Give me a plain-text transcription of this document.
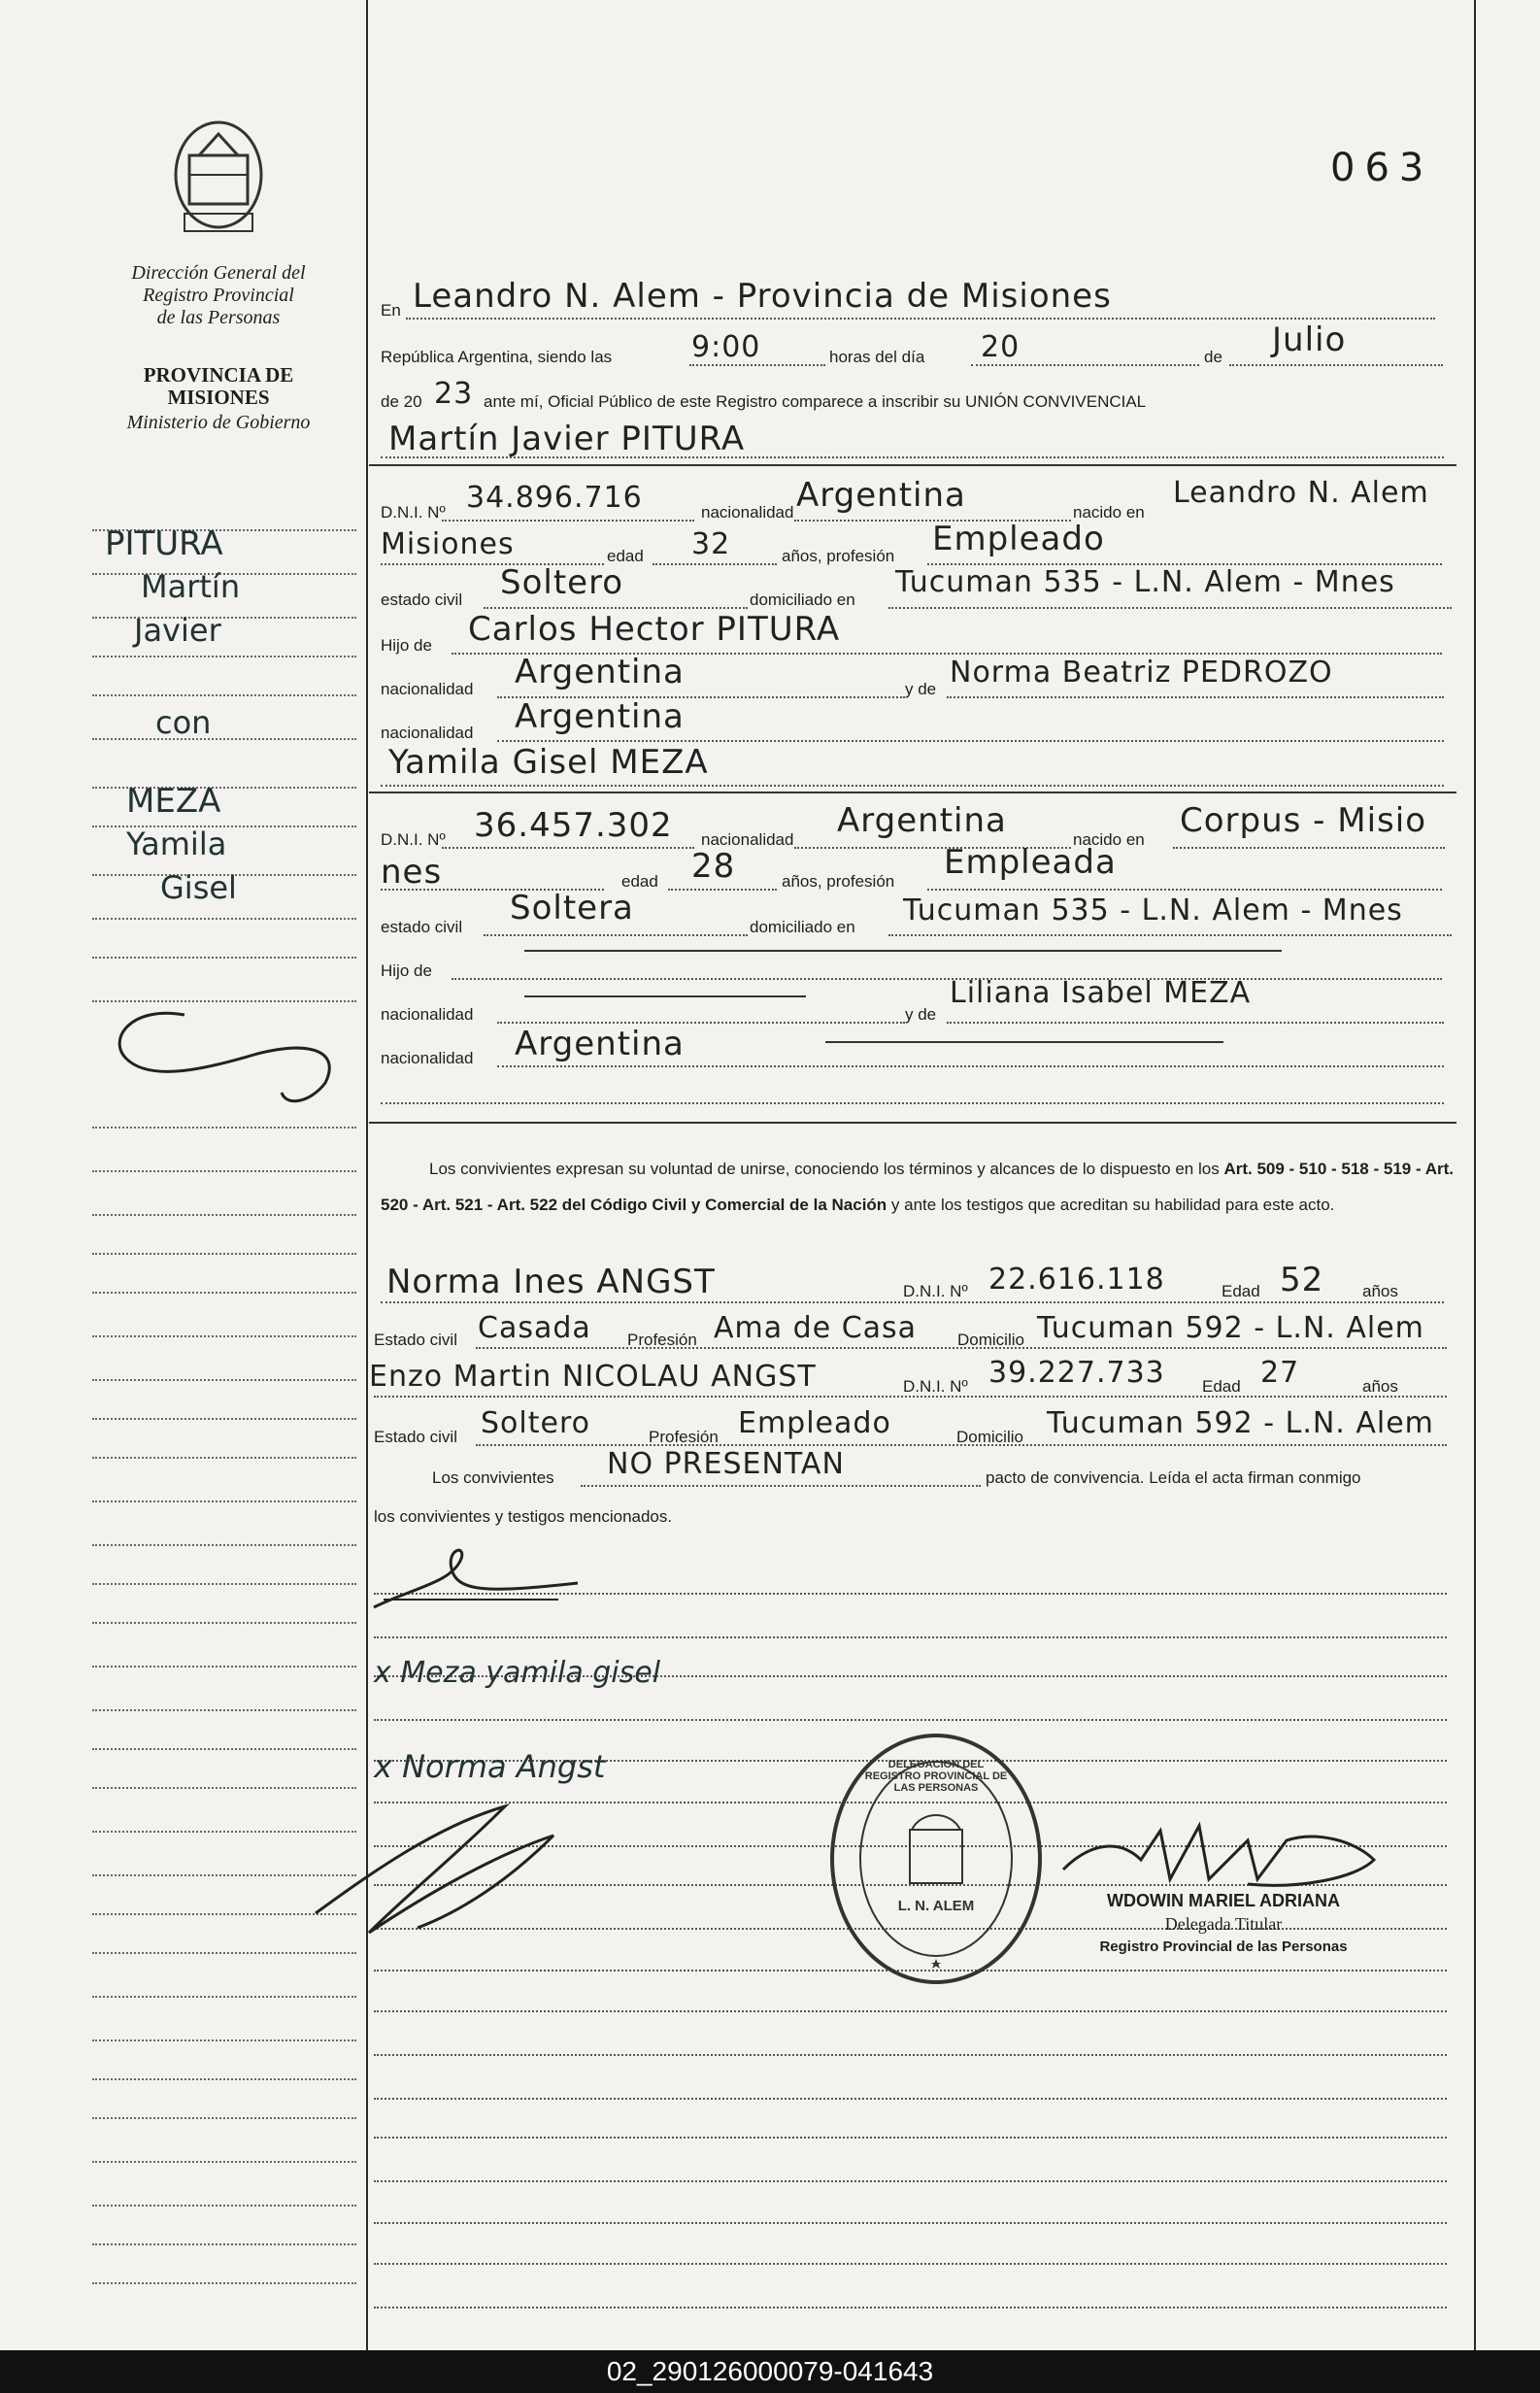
Dirección General del
Registro Provincial
de las Personas
PROVINCIA DE
MISIONES
Ministerio de Gobierno
063
PITURA
Martín
Javier
con
MEZA
Yamila
Gisel
En Leandro N. Alem - Provincia de Misiones
República Argentina, siendo las	9:00	horas del día 20	de Julio
de 20 23 ante mí, Oficial Público de este Registro comparece a inscribir su UNIÓN CONVIVENCIAL
Martín Javier PITURA
D.N.I. Nº 34.896.716	nacionalidad Argentina	nacido en
Leandro N. Alem
Misiones	edad 32	años, profesión Empleado
estado civil Soltero	domiciliado en
Tucuman 535 - L.N. Alem - Mnes
Hijo de Carlos Hector PITURA
nacionalidad Argentina	y de Norma Beatriz PEDROZO
nacionalidad Argentina
Yamila Gisel MEZA
D.N.I. Nº 36.457.302 nacionalidad Argentina	nacido en Corpus - Misio
nes	edad 28	años, profesión Empleada
estado civil Soltera	domiciliado en Tucuman 535 - L.N. Alem - Mnes
Hijo de
nacionalidad	y de
Liliana Isabel MEZA
nacionalidad Argentina
Los convivientes expresan su voluntad de unirse, conociendo los términos y alcances de lo dispuesto en los Art. 509 - 510 - 518 - 519 - Art. 520 - Art. 521 - Art. 522 del Código Civil y Comercial de la Nación y ante los testigos que acreditan su habilidad para este acto.
Norma Ines ANGST	D.N.I. Nº 22.616.118	Edad 52 años
Estado civil Casada Profesión Ama de Casa Domicilio Tucuman 592 - L.N. Alem
Enzo Martin NICOLAU ANGST	D.N.I. Nº 39.227.733 Edad 27	años
Estado civil Soltero	Profesión Empleado	Domicilio Tucuman 592 - L.N. Alem
Los convivientes NO PRESENTAN	pacto de convivencia. Leída el acta firman conmigo
los convivientes y testigos mencionados.
x Meza yamila gisel
x Norma Angst	DELEGACION DEL REGISTRO PROVINCIAL DE LAS PERSONAS
L. N. ALEM	WDOWIN MARIEL ADRIANA
Delegada Titular
Registro Provincial de las Personas
02_290126000079-041643
